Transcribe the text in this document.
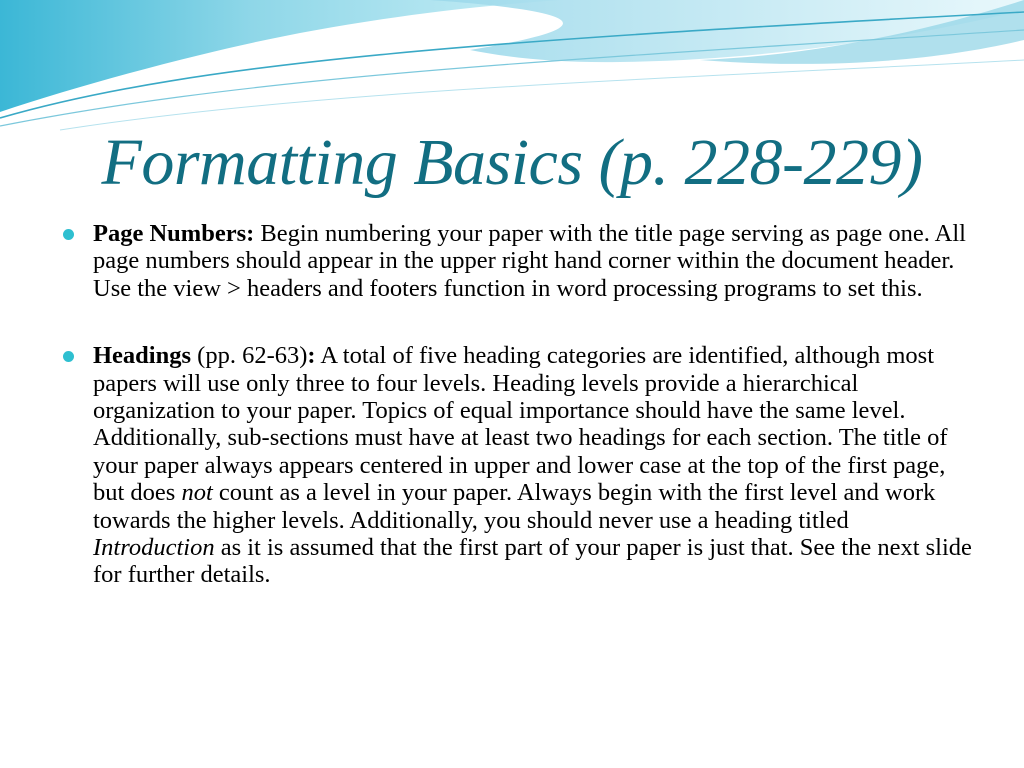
Formatting Basics (p. 228-229)
Page Numbers: Begin numbering your paper with the title page serving as page one. All page numbers should appear in the upper right hand corner within the document header. Use the view > headers and footers function in word processing programs to set this.
Headings (pp. 62-63): A total of five heading categories are identified, although most papers will use only three to four levels. Heading levels provide a hierarchical organization to your paper. Topics of equal importance should have the same level. Additionally, sub-sections must have at least two headings for each section. The title of your paper always appears centered in upper and lower case at the top of the first page, but does not count as a level in your paper. Always begin with the first level and work towards the higher levels. Additionally, you should never use a heading titled Introduction as it is assumed that the first part of your paper is just that. See the next slide for further details.
